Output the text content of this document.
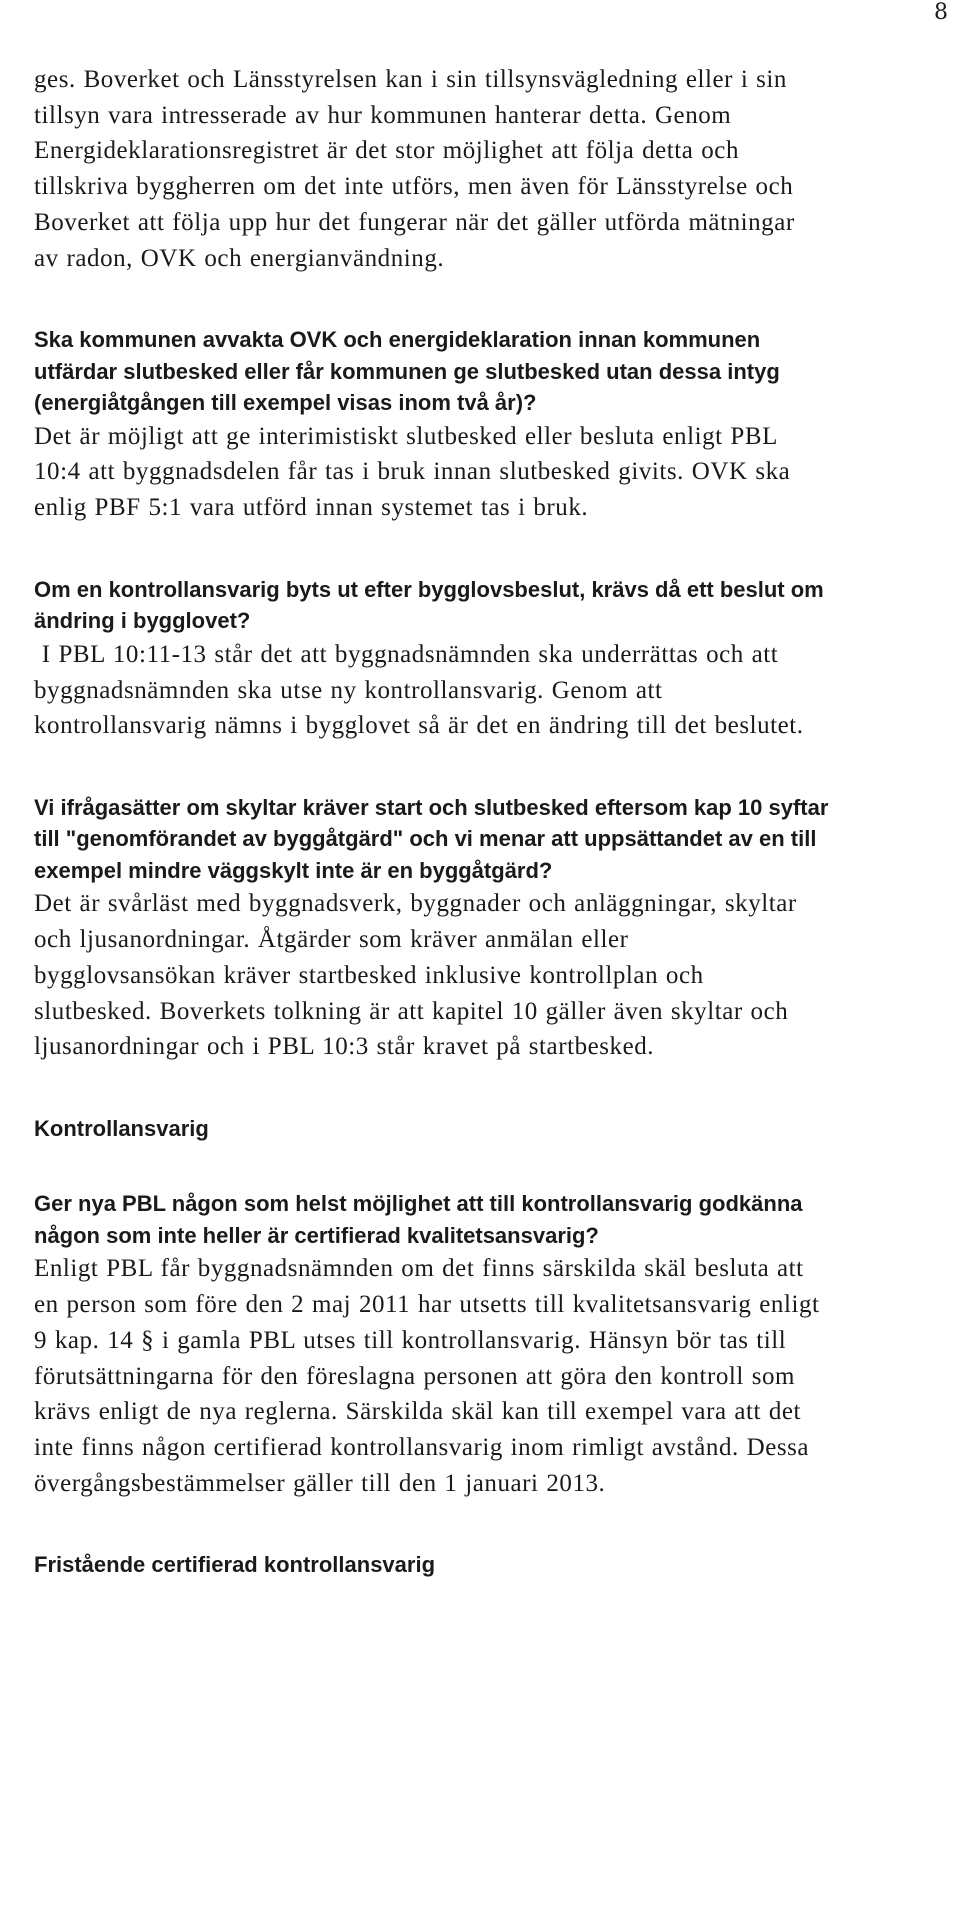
8

ges. Boverket och Länsstyrelsen kan i sin tillsynsvägledning eller i sin

tillsyn vara intresserade av hur kommunen hanterar detta. Genom

Energideklarationsregistret är det stor möjlighet att följa detta och

tillskriva byggherren om det inte utförs, men även för Länsstyrelse och

Boverket att följa upp hur det fungerar när det gäller utförda mätningar

av radon, OVK och energianvändning.

Ska kommunen avvakta OVK och energideklaration innan kommunen

utfärdar slutbesked eller får kommunen ge slutbesked utan dessa intyg

(energiåtgången till exempel visas inom två år)?

Det är möjligt att ge interimistiskt slutbesked eller besluta enligt PBL

10:4 att byggnadsdelen får tas i bruk innan slutbesked givits. OVK ska

enlig PBF 5:1 vara utförd innan systemet tas i bruk.

Om en kontrollansvarig byts ut efter bygglovsbeslut, krävs då ett beslut om

ändring i bygglovet?

I PBL 10:11-13 står det att byggnadsnämnden ska underrättas och att

byggnadsnämnden ska utse ny kontrollansvarig. Genom att

kontrollansvarig nämns i bygglovet så är det en ändring till det beslutet.

Vi ifrågasätter om skyltar kräver start och slutbesked eftersom kap 10 syftar

till "genomförandet av byggåtgärd" och vi menar att uppsättandet av en till

exempel mindre väggskylt inte är en byggåtgärd?

Det är svårläst med byggnadsverk, byggnader och anläggningar, skyltar

och ljusanordningar. Åtgärder som kräver anmälan eller

bygglovsansökan kräver startbesked inklusive kontrollplan och

slutbesked. Boverkets tolkning är att kapitel 10 gäller även skyltar och

ljusanordningar och i PBL 10:3 står kravet på startbesked.

Kontrollansvarig

Ger nya PBL någon som helst möjlighet att till kontrollansvarig godkänna

någon som inte heller är certifierad kvalitetsansvarig?

Enligt PBL får byggnadsnämnden om det finns särskilda skäl besluta att

en person som före den 2 maj 2011 har utsetts till kvalitetsansvarig enligt

9 kap. 14 § i gamla PBL utses till kontrollansvarig. Hänsyn bör tas till

förutsättningarna för den föreslagna personen att göra den kontroll som

krävs enligt de nya reglerna. Särskilda skäl kan till exempel vara att det

inte finns någon certifierad kontrollansvarig inom rimligt avstånd. Dessa

övergångsbestämmelser gäller till den 1 januari 2013.

Fristående certifierad kontrollansvarig
